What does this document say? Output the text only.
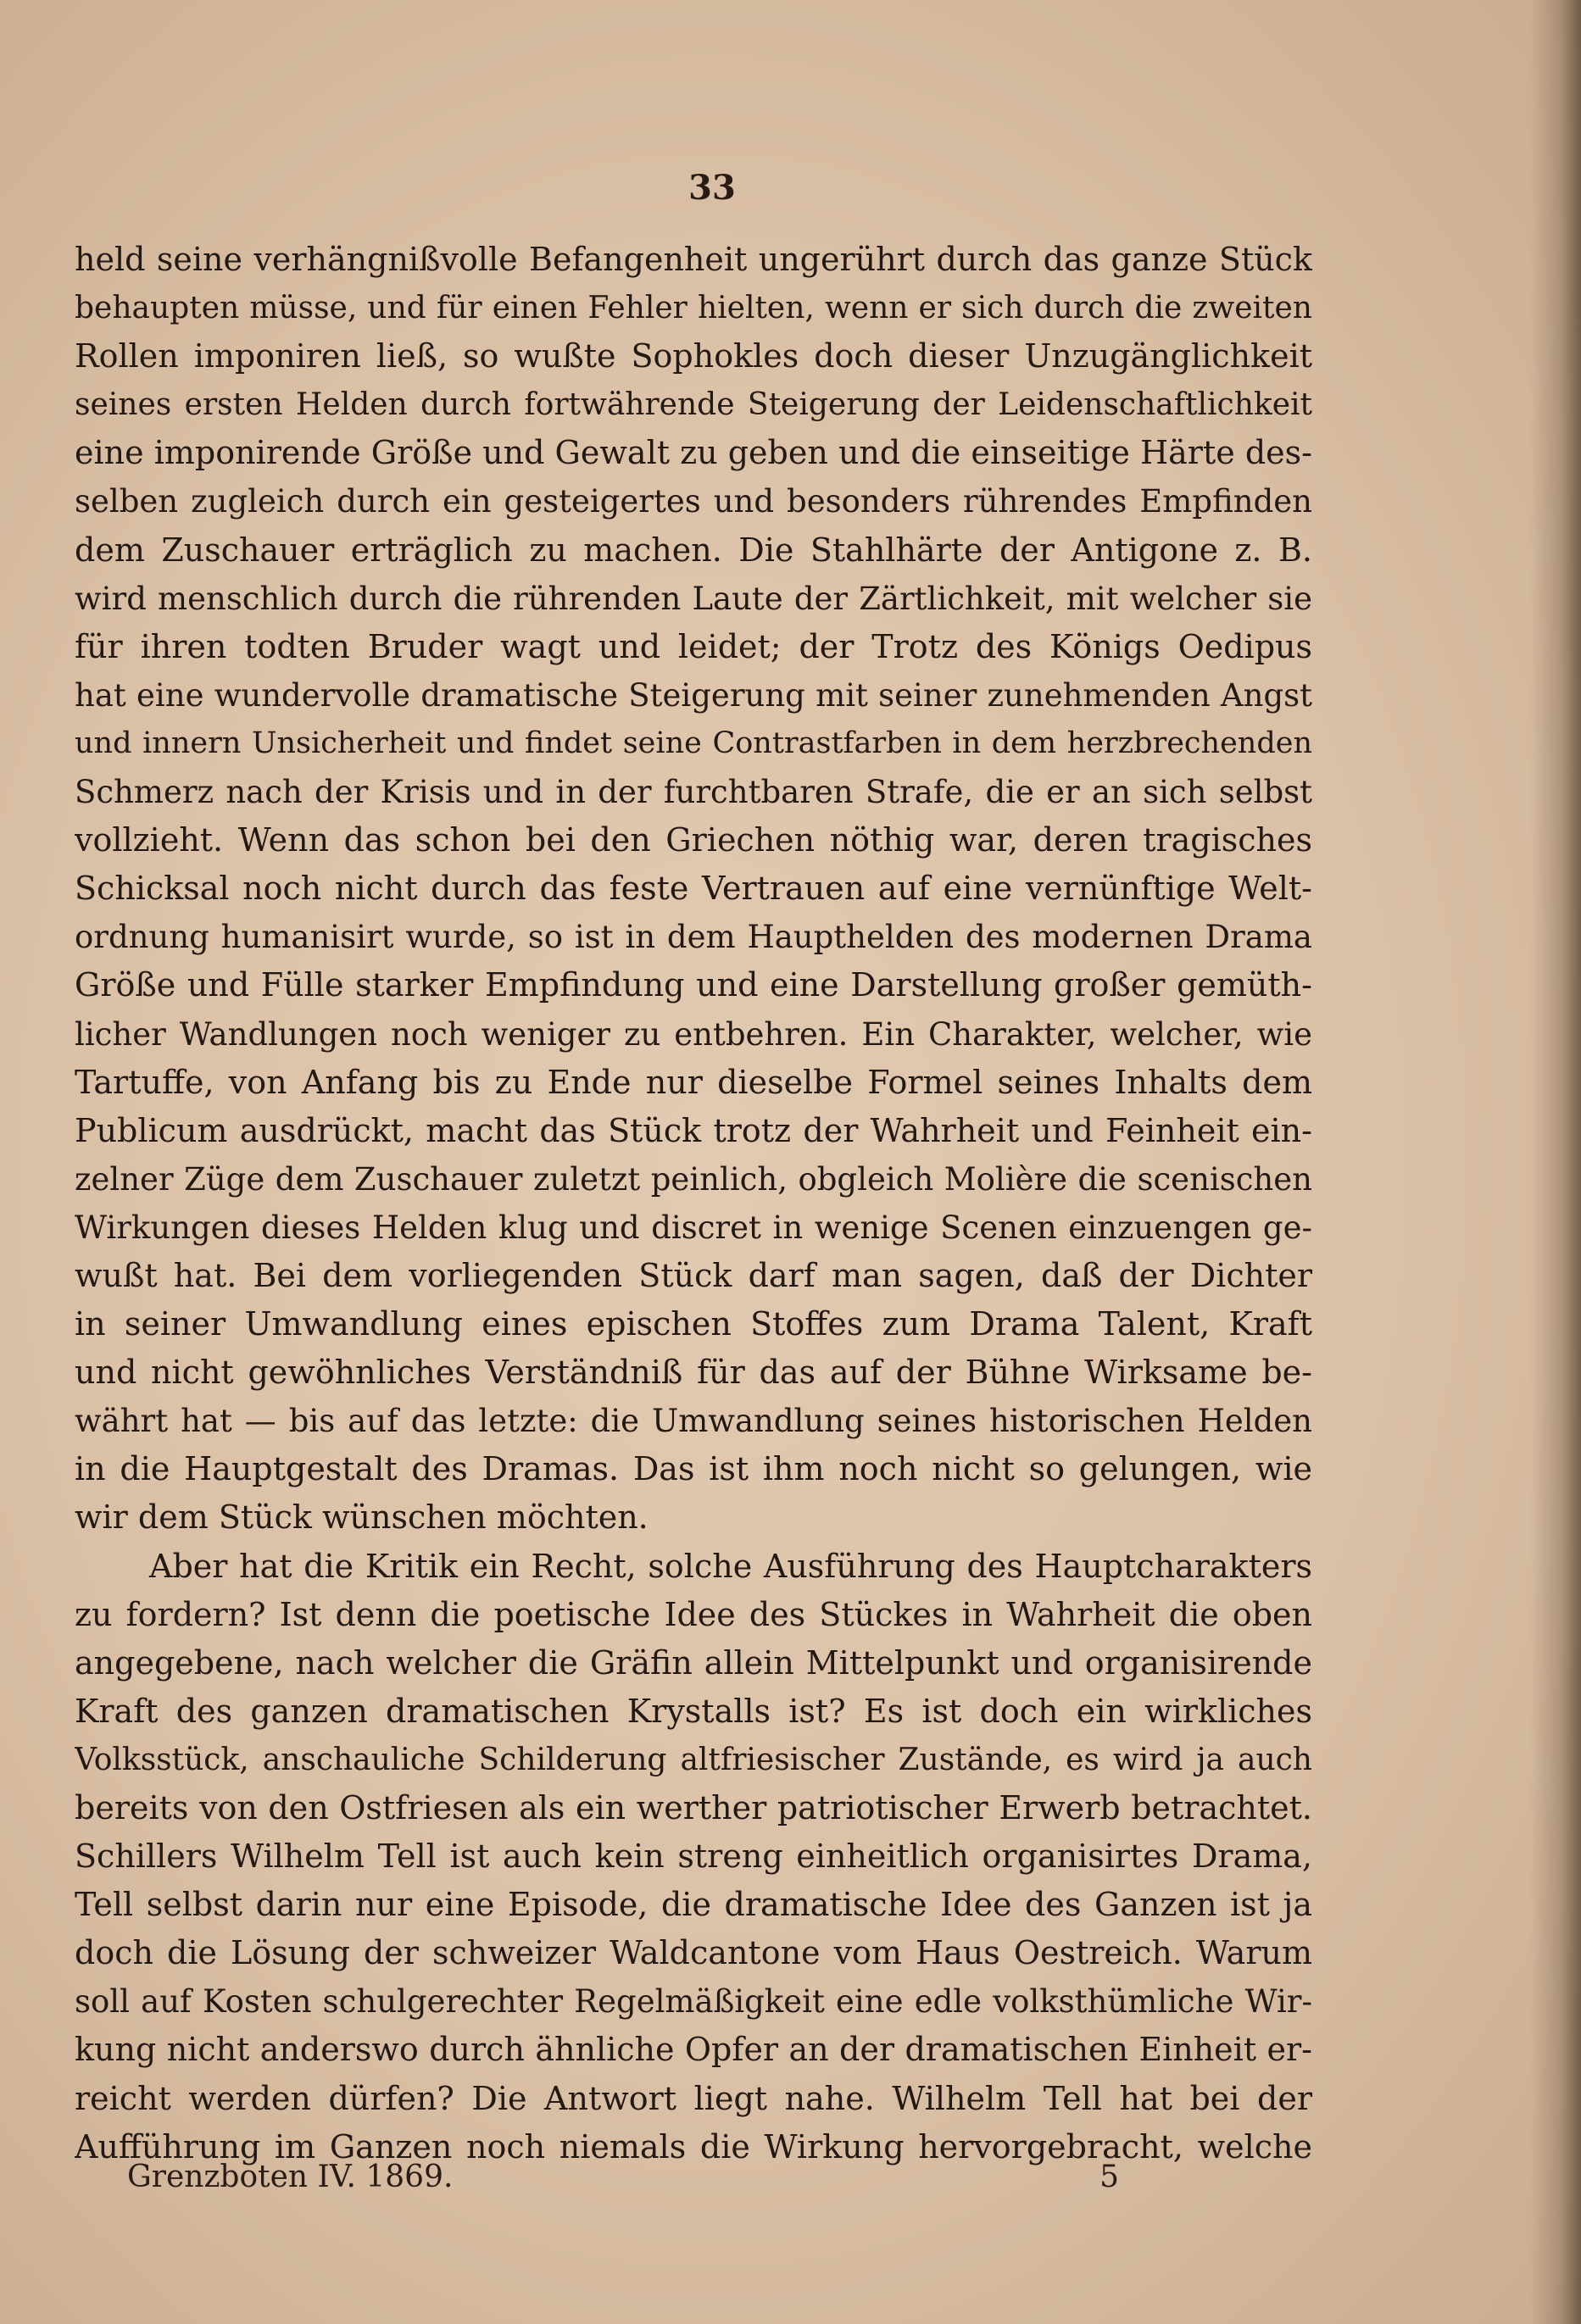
33
held seine verhängnißvolle Befangenheit ungerührt durch das ganze Stück
behaupten müsse, und für einen Fehler hielten, wenn er sich durch die zweiten
Rollen imponiren ließ, so wußte Sophokles doch dieser Unzugänglichkeit
seines ersten Helden durch fortwährende Steigerung der Leidenschaftlichkeit
eine imponirende Größe und Gewalt zu geben und die einseitige Härte des-
selben zugleich durch ein gesteigertes und besonders rührendes Empfinden
dem Zuschauer erträglich zu machen. Die Stahlhärte der Antigone z. B.
wird menschlich durch die rührenden Laute der Zärtlichkeit, mit welcher sie
für ihren todten Bruder wagt und leidet; der Trotz des Königs Oedipus
hat eine wundervolle dramatische Steigerung mit seiner zunehmenden Angst
und innern Unsicherheit und findet seine Contrastfarben in dem herzbrechenden
Schmerz nach der Krisis und in der furchtbaren Strafe, die er an sich selbst
vollzieht. Wenn das schon bei den Griechen nöthig war, deren tragisches
Schicksal noch nicht durch das feste Vertrauen auf eine vernünftige Welt-
ordnung humanisirt wurde, so ist in dem Haupthelden des modernen Drama
Größe und Fülle starker Empfindung und eine Darstellung großer gemüth-
licher Wandlungen noch weniger zu entbehren. Ein Charakter, welcher, wie
Tartuffe, von Anfang bis zu Ende nur dieselbe Formel seines Inhalts dem
Publicum ausdrückt, macht das Stück trotz der Wahrheit und Feinheit ein-
zelner Züge dem Zuschauer zuletzt peinlich, obgleich Molière die scenischen
Wirkungen dieses Helden klug und discret in wenige Scenen einzuengen ge-
wußt hat. Bei dem vorliegenden Stück darf man sagen, daß der Dichter
in seiner Umwandlung eines epischen Stoffes zum Drama Talent, Kraft
und nicht gewöhnliches Verständniß für das auf der Bühne Wirksame be-
währt hat — bis auf das letzte: die Umwandlung seines historischen Helden
in die Hauptgestalt des Dramas. Das ist ihm noch nicht so gelungen, wie
wir dem Stück wünschen möchten.
Aber hat die Kritik ein Recht, solche Ausführung des Hauptcharakters
zu fordern? Ist denn die poetische Idee des Stückes in Wahrheit die oben
angegebene, nach welcher die Gräfin allein Mittelpunkt und organisirende
Kraft des ganzen dramatischen Krystalls ist? Es ist doch ein wirkliches
Volksstück, anschauliche Schilderung altfriesischer Zustände, es wird ja auch
bereits von den Ostfriesen als ein werther patriotischer Erwerb betrachtet.
Schillers Wilhelm Tell ist auch kein streng einheitlich organisirtes Drama,
Tell selbst darin nur eine Episode, die dramatische Idee des Ganzen ist ja
doch die Lösung der schweizer Waldcantone vom Haus Oestreich. Warum
soll auf Kosten schulgerechter Regelmäßigkeit eine edle volksthümliche Wir-
kung nicht anderswo durch ähnliche Opfer an der dramatischen Einheit er-
reicht werden dürfen? Die Antwort liegt nahe. Wilhelm Tell hat bei der
Aufführung im Ganzen noch niemals die Wirkung hervorgebracht, welche
Grenzboten IV. 1869.	5
